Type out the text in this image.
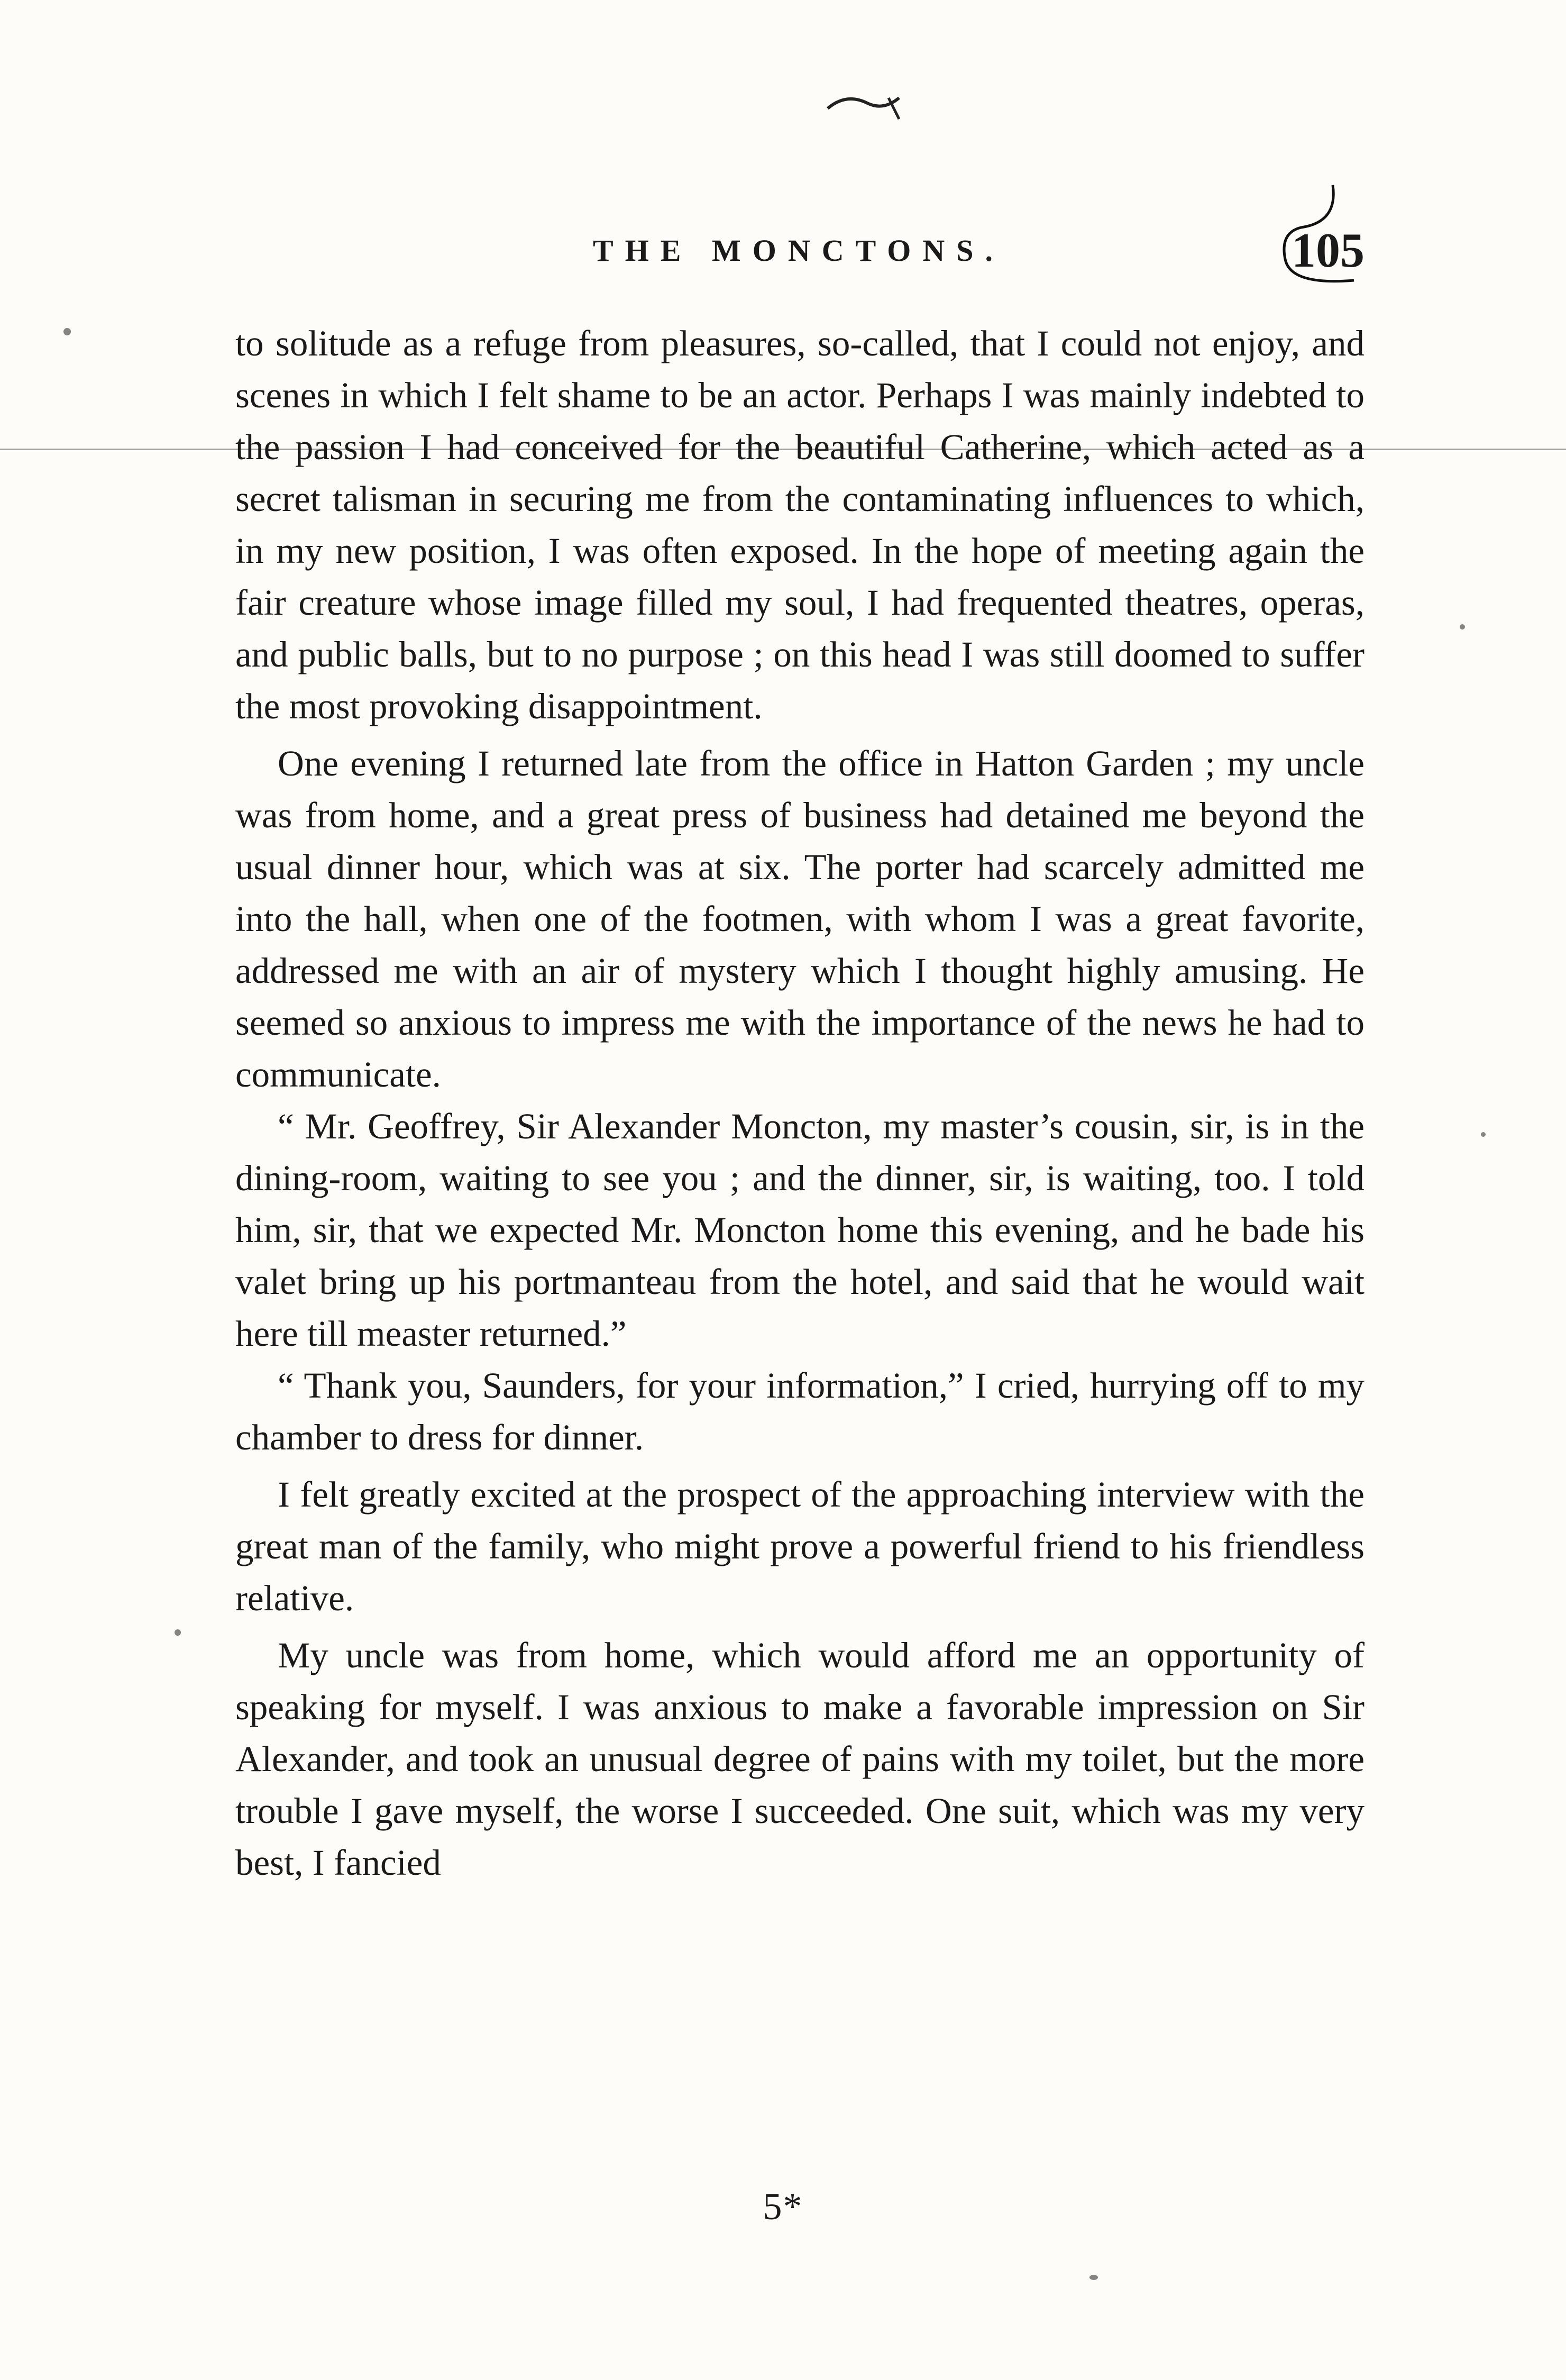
THE MONCTONS.	105

to solitude as a refuge from pleasures, so-called, that I could not enjoy, and scenes in which I felt shame to be an actor. Perhaps I was mainly indebted to the passion I had conceived for the beautiful Catherine, which acted as a secret talisman in securing me from the contaminating influences to which, in my new position, I was often exposed. In the hope of meeting again the fair creature whose image filled my soul, I had frequented theatres, operas, and public balls, but to no purpose ; on this head I was still doomed to suffer the most provoking disappointment.

One evening I returned late from the office in Hatton Garden ; my uncle was from home, and a great press of business had detained me beyond the usual dinner hour, which was at six. The porter had scarcely admitted me into the hall, when one of the footmen, with whom I was a great favorite, addressed me with an air of mystery which I thought highly amusing. He seemed so anxious to impress me with the importance of the news he had to communicate.

“ Mr. Geoffrey, Sir Alexander Moncton, my master’s cousin, sir, is in the dining-room, waiting to see you ; and the dinner, sir, is waiting, too. I told him, sir, that we expected Mr. Moncton home this evening, and he bade his valet bring up his portmanteau from the hotel, and said that he would wait here till measter returned.”

“ Thank you, Saunders, for your information,” I cried, hurrying off to my chamber to dress for dinner.

I felt greatly excited at the prospect of the approaching interview with the great man of the family, who might prove a powerful friend to his friendless relative.

My uncle was from home, which would afford me an opportunity of speaking for myself. I was anxious to make a favorable impression on Sir Alexander, and took an unusual degree of pains with my toilet, but the more trouble I gave myself, the worse I succeeded. One suit, which was my very best, I fancied

5*
